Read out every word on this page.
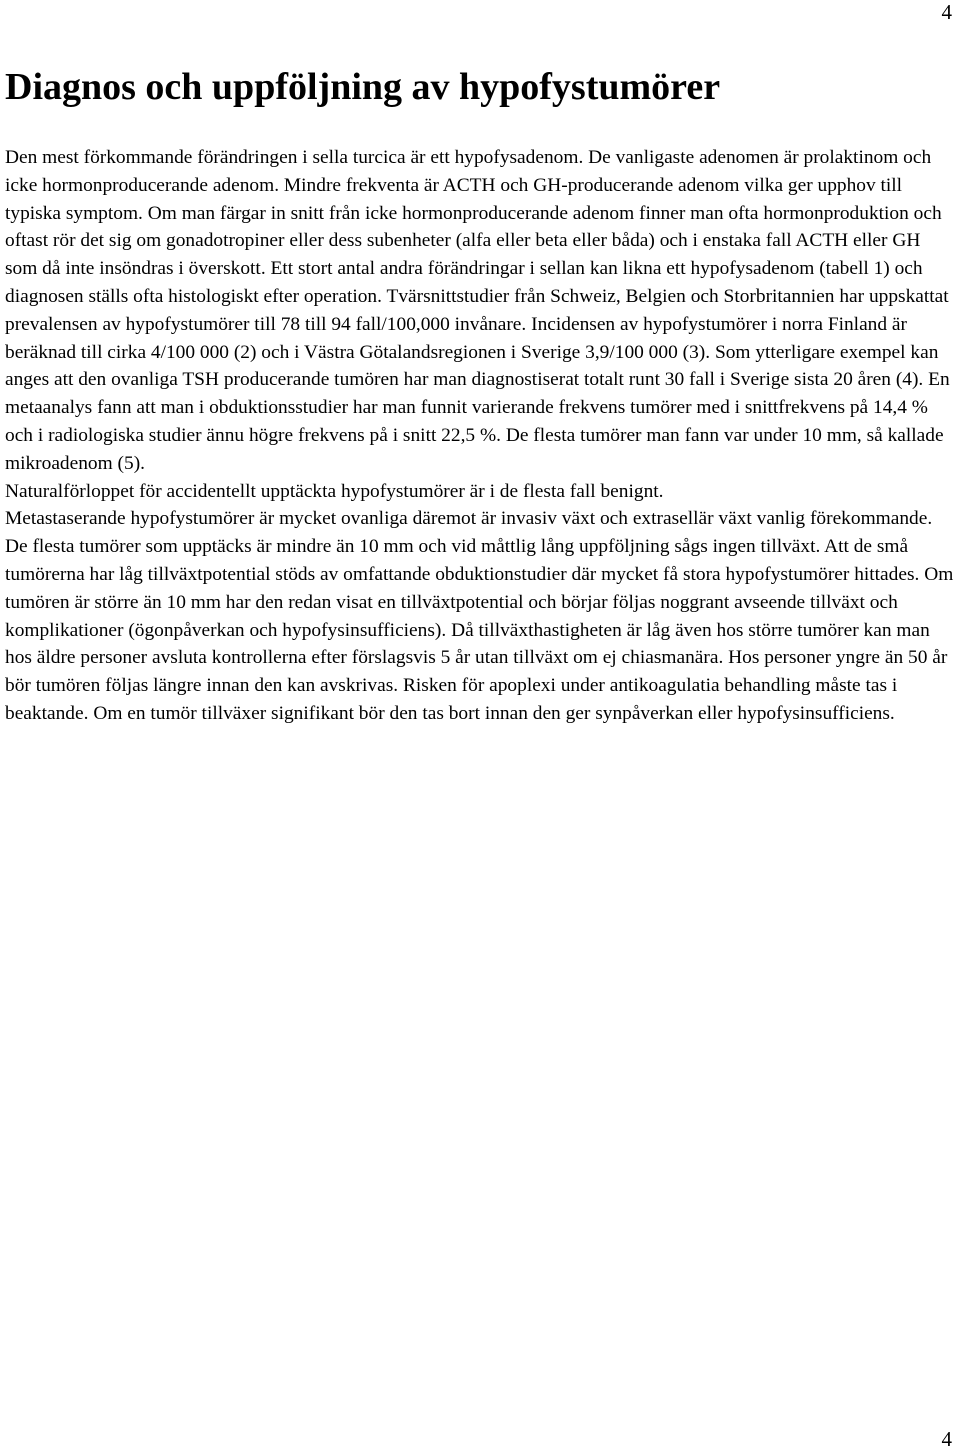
4
Diagnos och uppföljning av hypofystumörer

Den mest förkommande förändringen i sella turcica är ett hypofysadenom. De vanligaste adenomen är prolaktinom och icke hormonproducerande adenom. Mindre frekventa är ACTH och GH-producerande adenom vilka ger upphov till typiska symptom. Om man färgar in snitt från icke hormonproducerande adenom finner man ofta hormonproduktion och oftast rör det sig om gonadotropiner eller dess subenheter (alfa eller beta eller båda) och i enstaka fall ACTH eller GH som då inte insöndras i överskott. Ett stort antal andra förändringar i sellan kan likna ett hypofysadenom (tabell 1) och diagnosen ställs ofta histologiskt efter operation. Tvärsnittstudier från Schweiz, Belgien och Storbritannien har uppskattat prevalensen av hypofystumörer till 78 till 94 fall/100,000 invånare. Incidensen av hypofystumörer i norra Finland är beräknad till cirka 4/100 000 (2) och i Västra Götalandsregionen i Sverige 3,9/100 000 (3). Som ytterligare exempel kan anges att den ovanliga TSH producerande tumören har man diagnostiserat totalt runt 30 fall i Sverige sista 20 åren (4). En metaanalys fann att man i obduktionsstudier har man funnit varierande frekvens tumörer med i snittfrekvens på 14,4 % och i radiologiska studier ännu högre frekvens på i snitt 22,5 %. De flesta tumörer man fann var under 10 mm, så kallade mikroadenom (5).

Naturalförloppet för accidentellt upptäckta hypofystumörer är i de flesta fall benignt.

Metastaserande hypofystumörer är mycket ovanliga däremot är invasiv växt och extrasellär växt vanlig förekommande. De flesta tumörer som upptäcks är mindre än 10 mm och vid måttlig lång uppföljning sågs ingen tillväxt. Att de små tumörerna har låg tillväxtpotential stöds av omfattande obduktionstudier där mycket få stora hypofystumörer hittades. Om tumören är större än 10 mm har den redan visat en tillväxtpotential och börjar följas noggrant avseende tillväxt och komplikationer (ögonpåverkan och hypofysinsufficiens). Då tillväxthastigheten är låg även hos större tumörer kan man hos äldre personer avsluta kontrollerna efter förslagsvis 5 år utan tillväxt om ej chiasmanära. Hos personer yngre än 50 år bör tumören följas längre innan den kan avskrivas. Risken för apoplexi under antikoagulatia behandling måste tas i beaktande. Om en tumör tillväxer signifikant bör den tas bort innan den ger synpåverkan eller hypofysinsufficiens.

4
